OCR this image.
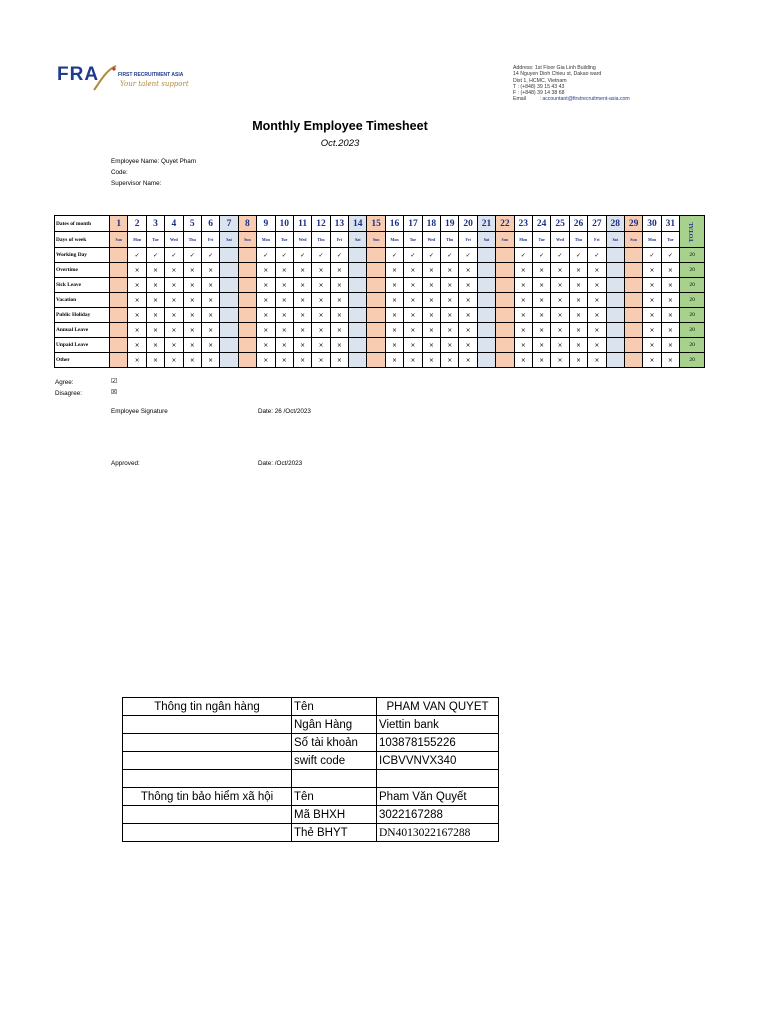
FRA	FIRST RECRUITMENT ASIA
Your talent support
Address: 1st Floor Gia Linh Building
14 Nguyen Dinh Chieu st, Dakao ward
Dist 1, HCMC, Vietnam
T : (+848) 39 15 43 43
F : (+848) 39 14 38 68
Email	: accountant@firstrecruitment-asia.com
Monthly Employee Timesheet
Oct.2023
Employee Name: Quyet Pham
Code:
Supervisor Name:
Dates of month	1	2	3	4	5	6	7	8	9	10	11	12	13	14	15	16	17	18	19	20	21	22	23	24	25	26	27	28	29	30	31	TOTAL
Days of week	Sun	Mon	Tue	Wed	Thu	Fri	Sat	Sun	Mon	Tue	Wed	Thu	Fri	Sat	Sun	Mon	Tue	Wed	Thu	Fri	Sat	Sun	Mon	Tue	Wed	Thu	Fri	Sat	Sun	Mon	Tue	
Working Day		✓	✓	✓	✓	✓			✓	✓	✓	✓	✓			✓	✓	✓	✓	✓			✓	✓	✓	✓	✓			✓	✓	20
Overtime		×	×	×	×	×			×	×	×	×	×			×	×	×	×	×			×	×	×	×	×			×	×	20
Sick Leave		×	×	×	×	×			×	×	×	×	×			×	×	×	×	×			×	×	×	×	×			×	×	20
Vacation		×	×	×	×	×			×	×	×	×	×			×	×	×	×	×			×	×	×	×	×			×	×	20
Public Holiday		×	×	×	×	×			×	×	×	×	×			×	×	×	×	×			×	×	×	×	×			×	×	20
Annual Leave		×	×	×	×	×			×	×	×	×	×			×	×	×	×	×			×	×	×	×	×			×	×	20
Unpaid Leave		×	×	×	×	×			×	×	×	×	×			×	×	×	×	×			×	×	×	×	×			×	×	20
Other		×	×	×	×	×			×	×	×	×	×			×	×	×	×	×			×	×	×	×	×			×	×	20
Agree:	☑
Disagree:	☒
Employee Signature	Date: 26 /Oct/2023
Approved:	Date: /Oct/2023
Thông tin ngân hàng	Tên	PHAM VAN QUYET
	Ngân Hàng	Viettin bank
	Số tài khoản	103878155226
	swift code	ICBVVNVX340

Thông tin bảo hiểm xã hội	Tên	Pham Văn Quyết
	Mã BHXH	3022167288
	Thẻ BHYT	DN4013022167288
